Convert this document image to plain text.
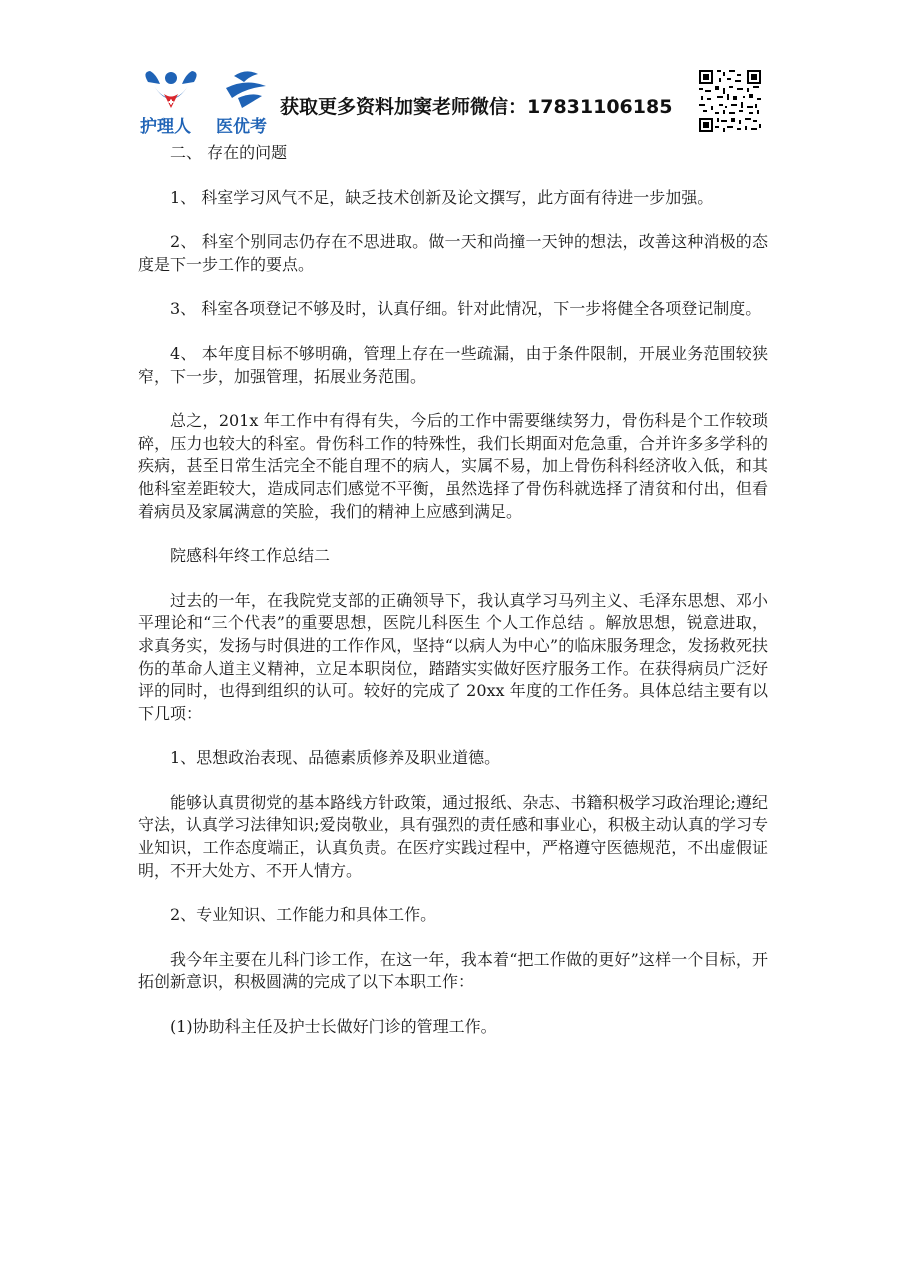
护理人 医优考
获取更多资料加窦老师微信：17831106185

二、 存在的问题

1、 科室学习风气不足，缺乏技术创新及论文撰写，此方面有待进一步加强。

2、 科室个别同志仍存在不思进取。做一天和尚撞一天钟的想法，改善这种消极的态度是下一步工作的要点。

3、 科室各项登记不够及时，认真仔细。针对此情况，下一步将健全各项登记制度。

4、 本年度目标不够明确，管理上存在一些疏漏，由于条件限制，开展业务范围较狭窄，下一步，加强管理，拓展业务范围。

总之，201x 年工作中有得有失，今后的工作中需要继续努力，骨伤科是个工作较琐碎，压力也较大的科室。骨伤科工作的特殊性，我们长期面对危急重，合并许多多学科的疾病，甚至日常生活完全不能自理不的病人，实属不易，加上骨伤科科经济收入低，和其他科室差距较大，造成同志们感觉不平衡，虽然选择了骨伤科就选择了清贫和付出，但看着病员及家属满意的笑脸，我们的精神上应感到满足。

院感科年终工作总结二

过去的一年，在我院党支部的正确领导下，我认真学习马列主义、毛泽东思想、邓小平理论和“三个代表”的重要思想，医院儿科医生 个人工作总结 。解放思想，锐意进取，求真务实，发扬与时俱进的工作作风，坚持“以病人为中心”的临床服务理念，发扬救死扶伤的革命人道主义精神，立足本职岗位，踏踏实实做好医疗服务工作。在获得病员广泛好评的同时，也得到组织的认可。较好的完成了 20xx 年度的工作任务。具体总结主要有以下几项：

1、思想政治表现、品德素质修养及职业道德。

能够认真贯彻党的基本路线方针政策，通过报纸、杂志、书籍积极学习政治理论;遵纪守法，认真学习法律知识;爱岗敬业，具有强烈的责任感和事业心，积极主动认真的学习专业知识，工作态度端正，认真负责。在医疗实践过程中，严格遵守医德规范，不出虚假证明，不开大处方、不开人情方。

2、专业知识、工作能力和具体工作。

我今年主要在儿科门诊工作，在这一年，我本着“把工作做的更好”这样一个目标，开拓创新意识，积极圆满的完成了以下本职工作：

(1)协助科主任及护士长做好门诊的管理工作。
